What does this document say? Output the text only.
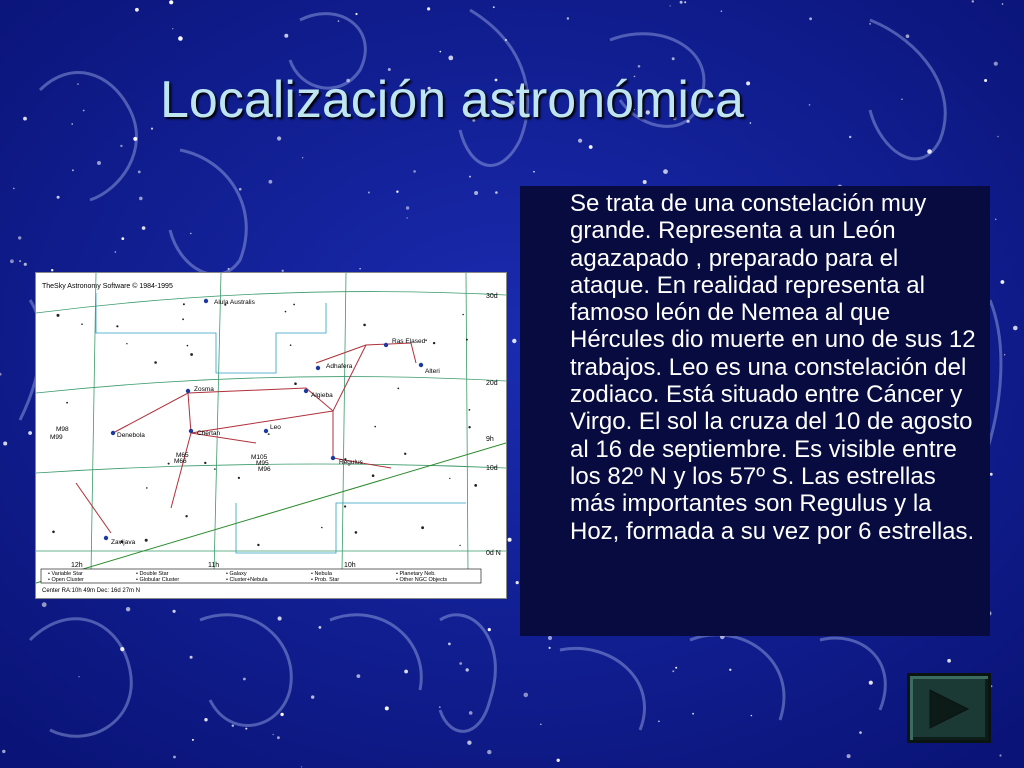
Localización astronómica
TheSky Astronomy Software © 1984-1995
Alula Australis
Ras Elased
Alteri
Adhafera
Algieba
Zosma
Denebola	Chertan
Leo
Regulus
Zavijava
M98
M99
M65
M66
M105
M95
M96
30d
20d
9h
10d
0d N
12h	11h	10h
• Variable Star	• Double Star	• Galaxy	• Nebula	• Planetary Neb.
• Open Cluster	• Globular Cluster	• Cluster+Nebula	• Prob. Star	• Other NGC Objects
Center RA:10h 49m Dec: 16d 27m N
Se trata de una constelación muy grande. Representa a un León agazapado , preparado para el ataque. En realidad representa al famoso león de Nemea al que Hércules dio muerte en uno de sus 12 trabajos. Leo es una constelación del zodiaco. Está situado entre Cáncer y Virgo. El sol la cruza del 10 de agosto al 16 de septiembre. Es visible entre los 82º N y los 57º S. Las estrellas más importantes son Regulus y la Hoz, formada a su vez por 6 estrellas.
